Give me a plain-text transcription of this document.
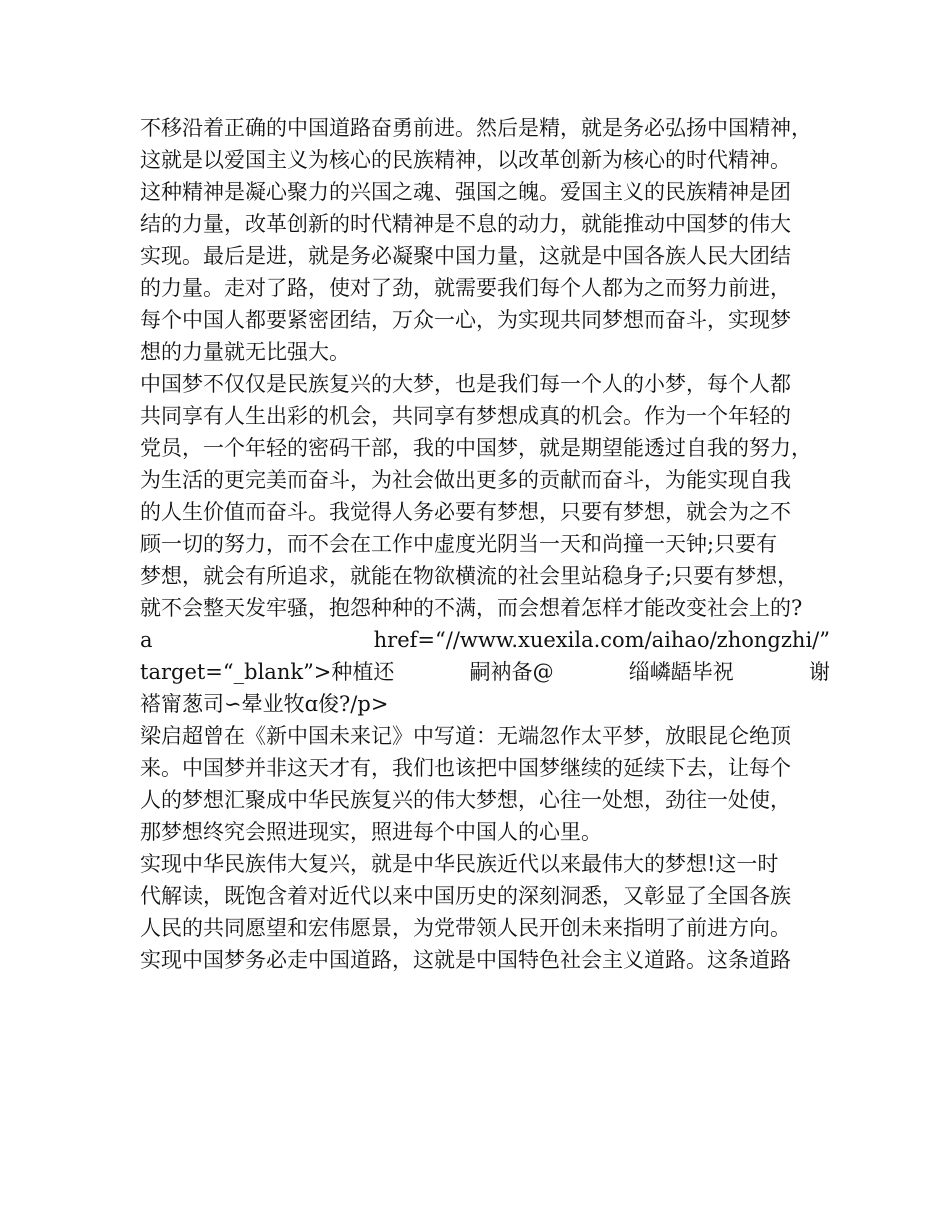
不移沿着正确的中国道路奋勇前进。然后是精，就是务必弘扬中国精神，
这就是以爱国主义为核心的民族精神，以改革创新为核心的时代精神。
这种精神是凝心聚力的兴国之魂、强国之魄。爱国主义的民族精神是团
结的力量，改革创新的时代精神是不息的动力，就能推动中国梦的伟大
实现。最后是进，就是务必凝聚中国力量，这就是中国各族人民大团结
的力量。走对了路，使对了劲，就需要我们每个人都为之而努力前进，
每个中国人都要紧密团结，万众一心，为实现共同梦想而奋斗，实现梦
想的力量就无比强大。
中国梦不仅仅是民族复兴的大梦，也是我们每一个人的小梦，每个人都
共同享有人生出彩的机会，共同享有梦想成真的机会。作为一个年轻的
党员，一个年轻的密码干部，我的中国梦，就是期望能透过自我的努力，
为生活的更完美而奋斗，为社会做出更多的贡献而奋斗，为能实现自我
的人生价值而奋斗。我觉得人务必要有梦想，只要有梦想，就会为之不
顾一切的努力，而不会在工作中虚度光阴当一天和尚撞一天钟;只要有
梦想，就会有所追求，就能在物欲横流的社会里站稳身子;只要有梦想，
就不会整天发牢骚，抱怨种种的不满，而会想着怎样才能改变社会上的?
a	href=“//www.xuexila.com/aihao/zhongzhi/”
target=“_blank”>种植还	嗣衲备@	缁嶙龉毕祝	谢
褡甯葱司∽晕业牧ɑ俊?/p>
梁启超曾在《新中国未来记》中写道：无端忽作太平梦，放眼昆仑绝顶
来。中国梦并非这天才有，我们也该把中国梦继续的延续下去，让每个
人的梦想汇聚成中华民族复兴的伟大梦想，心往一处想，劲往一处使，
那梦想终究会照进现实，照进每个中国人的心里。
实现中华民族伟大复兴，就是中华民族近代以来最伟大的梦想!这一时
代解读，既饱含着对近代以来中国历史的深刻洞悉，又彰显了全国各族
人民的共同愿望和宏伟愿景，为党带领人民开创未来指明了前进方向。
实现中国梦务必走中国道路，这就是中国特色社会主义道路。这条道路
